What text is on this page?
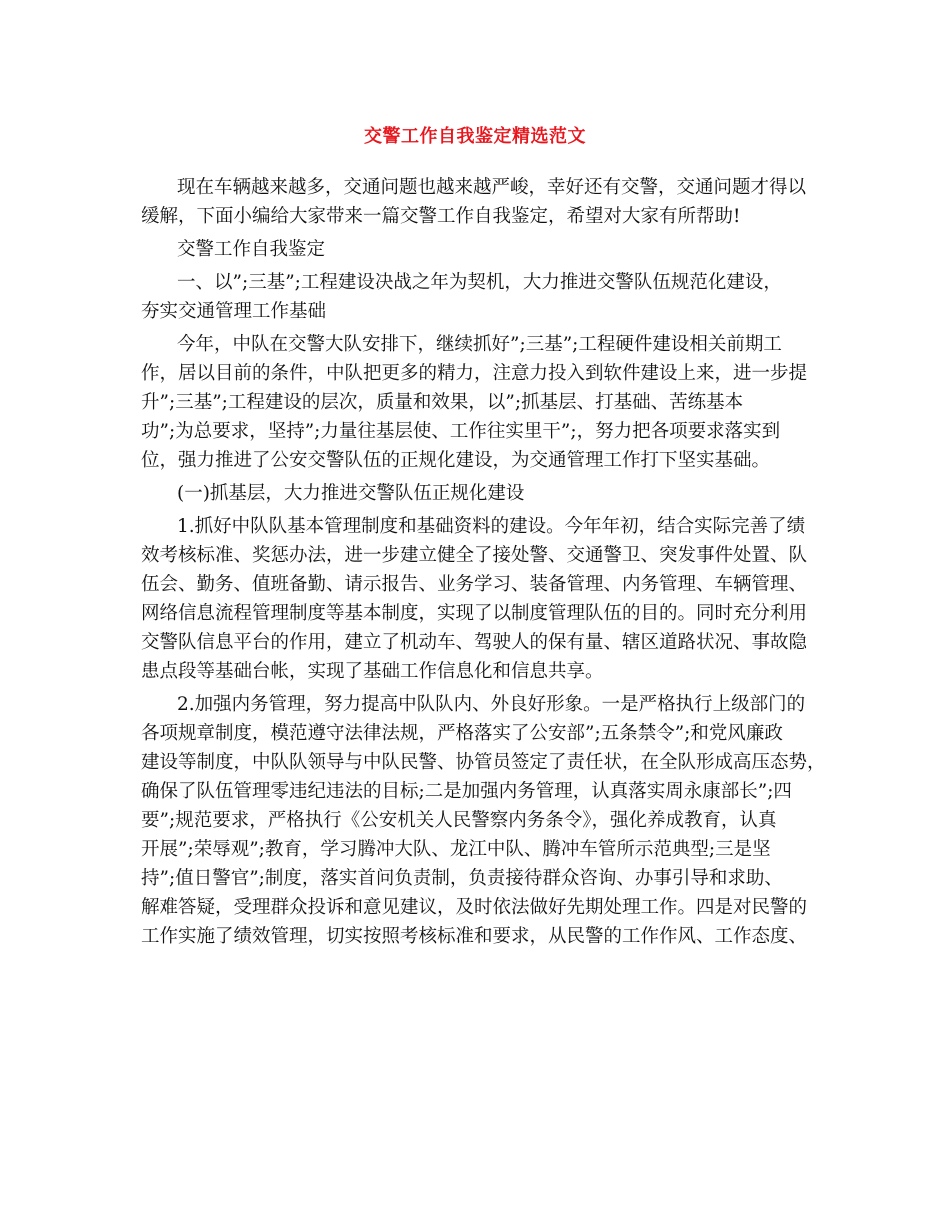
交警工作自我鉴定精选范文
现在车辆越来越多，交通问题也越来越严峻，幸好还有交警，交通问题才得以
缓解，下面小编给大家带来一篇交警工作自我鉴定，希望对大家有所帮助!
交警工作自我鉴定
一、以”;三基”;工程建设决战之年为契机，大力推进交警队伍规范化建设，
夯实交通管理工作基础
今年，中队在交警大队安排下，继续抓好”;三基”;工程硬件建设相关前期工
作，居以目前的条件，中队把更多的精力，注意力投入到软件建设上来，进一步提
升”;三基”;工程建设的层次，质量和效果，以”;抓基层、打基础、苦练基本
功”;为总要求，坚持”;力量往基层使、工作往实里干”;，努力把各项要求落实到
位，强力推进了公安交警队伍的正规化建设，为交通管理工作打下坚实基础。
(一)抓基层，大力推进交警队伍正规化建设
1.抓好中队队基本管理制度和基础资料的建设。今年年初，结合实际完善了绩
效考核标准、奖惩办法，进一步建立健全了接处警、交通警卫、突发事件处置、队
伍会、勤务、值班备勤、请示报告、业务学习、装备管理、内务管理、车辆管理、
网络信息流程管理制度等基本制度，实现了以制度管理队伍的目的。同时充分利用
交警队信息平台的作用，建立了机动车、驾驶人的保有量、辖区道路状况、事故隐
患点段等基础台帐，实现了基础工作信息化和信息共享。
2.加强内务管理，努力提高中队队内、外良好形象。一是严格执行上级部门的
各项规章制度，模范遵守法律法规，严格落实了公安部”;五条禁令”;和党风廉政
建设等制度，中队队领导与中队民警、协管员签定了责任状，在全队形成高压态势，
确保了队伍管理零违纪违法的目标;二是加强内务管理，认真落实周永康部长”;四
要”;规范要求，严格执行《公安机关人民警察内务条令》，强化养成教育，认真
开展”;荣辱观”;教育，学习腾冲大队、龙江中队、腾冲车管所示范典型;三是坚
持”;值日警官”;制度，落实首问负责制，负责接待群众咨询、办事引导和求助、
解难答疑，受理群众投诉和意见建议，及时依法做好先期处理工作。四是对民警的
工作实施了绩效管理，切实按照考核标准和要求，从民警的工作作风、工作态度、
